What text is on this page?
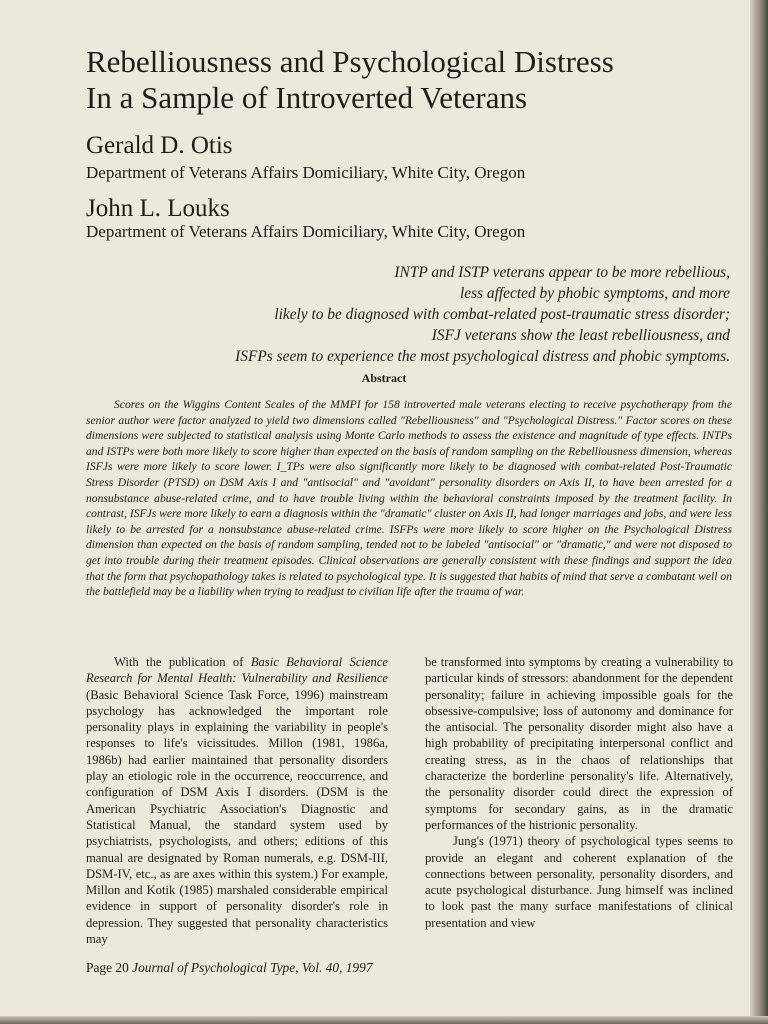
Rebelliousness and Psychological Distress
In a Sample of Introverted Veterans
Gerald D. Otis
Department of Veterans Affairs Domiciliary, White City, Oregon
John L. Louks
Department of Veterans Affairs Domiciliary, White City, Oregon
INTP and ISTP veterans appear to be more rebellious,
less affected by phobic symptoms, and more
likely to be diagnosed with combat-related post-traumatic stress disorder;
ISFJ veterans show the least rebelliousness, and
ISFPs seem to experience the most psychological distress and phobic symptoms.
Abstract

Scores on the Wiggins Content Scales of the MMPI for 158 introverted male veterans electing to receive psychotherapy from the senior author were factor analyzed to yield two dimensions called "Rebelliousness" and "Psychological Distress." Factor scores on these dimensions were subjected to statistical analysis using Monte Carlo methods to assess the existence and magnitude of type effects. INTPs and ISTPs were both more likely to score higher than expected on the basis of random sampling on the Rebelliousness dimension, whereas ISFJs were more likely to score lower. I_TPs were also significantly more likely to be diagnosed with combat-related Post-Traumatic Stress Disorder (PTSD) on DSM Axis I and "antisocial" and "avoidant" personality disorders on Axis II, to have been arrested for a nonsubstance abuse-related crime, and to have trouble living within the behavioral constraints imposed by the treatment facility. In contrast, ISFJs were more likely to earn a diagnosis within the "dramatic" cluster on Axis II, had longer marriages and jobs, and were less likely to be arrested for a nonsubstance abuse-related crime. ISFPs were more likely to score higher on the Psychological Distress dimension than expected on the basis of random sampling, tended not to be labeled "antisocial" or "dramatic," and were not disposed to get into trouble during their treatment episodes. Clinical observations are generally consistent with these findings and support the idea that the form that psychopathology takes is related to psychological type. It is suggested that habits of mind that serve a combatant well on the battlefield may be a liability when trying to readjust to civilian life after the trauma of war.

With the publication of Basic Behavioral Science Research for Mental Health: Vulnerability and Resilience (Basic Behavioral Science Task Force, 1996) mainstream psychology has acknowledged the important role personality plays in explaining the variability in people's responses to life's vicissitudes. Millon (1981, 1986a, 1986b) had earlier maintained that personality disorders play an etiologic role in the occurrence, reoccurrence, and configuration of DSM Axis I disorders. (DSM is the American Psychiatric Association's Diagnostic and Statistical Manual, the standard system used by psychiatrists, psychologists, and others; editions of this manual are designated by Roman numerals, e.g. DSM-III, DSM-IV, etc., as are axes within this system.) For example, Millon and Kotik (1985) marshaled considerable empirical evidence in support of personality disorder's role in depression. They suggested that personality characteristics may

be transformed into symptoms by creating a vulnerability to particular kinds of stressors: abandonment for the dependent personality; failure in achieving impossible goals for the obsessive-compulsive; loss of autonomy and dominance for the antisocial. The personality disorder might also have a high probability of precipitating interpersonal conflict and creating stress, as in the chaos of relationships that characterize the borderline personality's life. Alternatively, the personality disorder could direct the expression of symptoms for secondary gains, as in the dramatic performances of the histrionic personality.

Jung's (1971) theory of psychological types seems to provide an elegant and coherent explanation of the connections between personality, personality disorders, and acute psychological disturbance. Jung himself was inclined to look past the many surface manifestations of clinical presentation and view

Page 20 Journal of Psychological Type, Vol. 40, 1997
